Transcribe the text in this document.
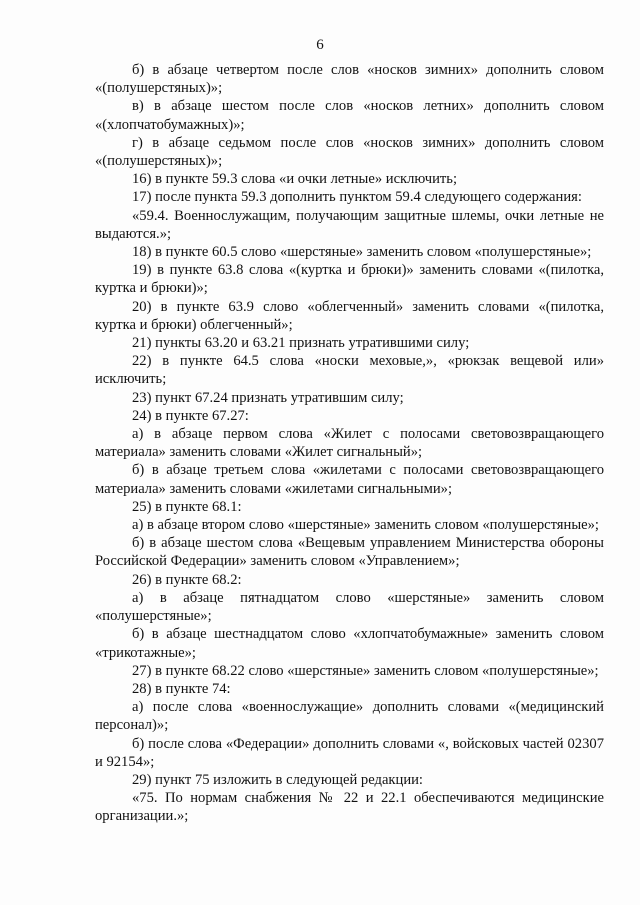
6

б) в абзаце четвертом после слов «носков зимних» дополнить словом «(полушерстяных)»;

в) в абзаце шестом после слов «носков летних» дополнить словом «(хлопчатобумажных)»;

г) в абзаце седьмом после слов «носков зимних» дополнить словом «(полушерстяных)»;

16) в пункте 59.3 слова «и очки летные» исключить;

17) после пункта 59.3 дополнить пунктом 59.4 следующего содержания:

«59.4. Военнослужащим, получающим защитные шлемы, очки летные не выдаются.»;

18) в пункте 60.5 слово «шерстяные» заменить словом «полушерстяные»;

19) в пункте 63.8 слова «(куртка и брюки)» заменить словами «(пилотка, куртка и брюки)»;

20) в пункте 63.9 слово «облегченный» заменить словами «(пилотка, куртка и брюки) облегченный»;

21) пункты 63.20 и 63.21 признать утратившими силу;

22) в пункте 64.5 слова «носки меховые,», «рюкзак вещевой или» исключить;

23) пункт 67.24 признать утратившим силу;

24) в пункте 67.27:

а) в абзаце первом слова «Жилет с полосами световозвращающего материала» заменить словами «Жилет сигнальный»;

б) в абзаце третьем слова «жилетами с полосами световозвращающего материала» заменить словами «жилетами сигнальными»;

25) в пункте 68.1:

а) в абзаце втором слово «шерстяные» заменить словом «полушерстяные»;

б) в абзаце шестом слова «Вещевым управлением Министерства обороны Российской Федерации» заменить словом «Управлением»;

26) в пункте 68.2:

а) в абзаце пятнадцатом слово «шерстяные» заменить словом «полушерстяные»;

б) в абзаце шестнадцатом слово «хлопчатобумажные» заменить словом «трикотажные»;

27) в пункте 68.22 слово «шерстяные» заменить словом «полушерстяные»;

28) в пункте 74:

а) после слова «военнослужащие» дополнить словами «(медицинский персонал)»;

б) после слова «Федерации» дополнить словами «, войсковых частей 02307 и 92154»;

29) пункт 75 изложить в следующей редакции:

«75. По нормам снабжения № 22 и 22.1 обеспечиваются медицинские организации.»;
